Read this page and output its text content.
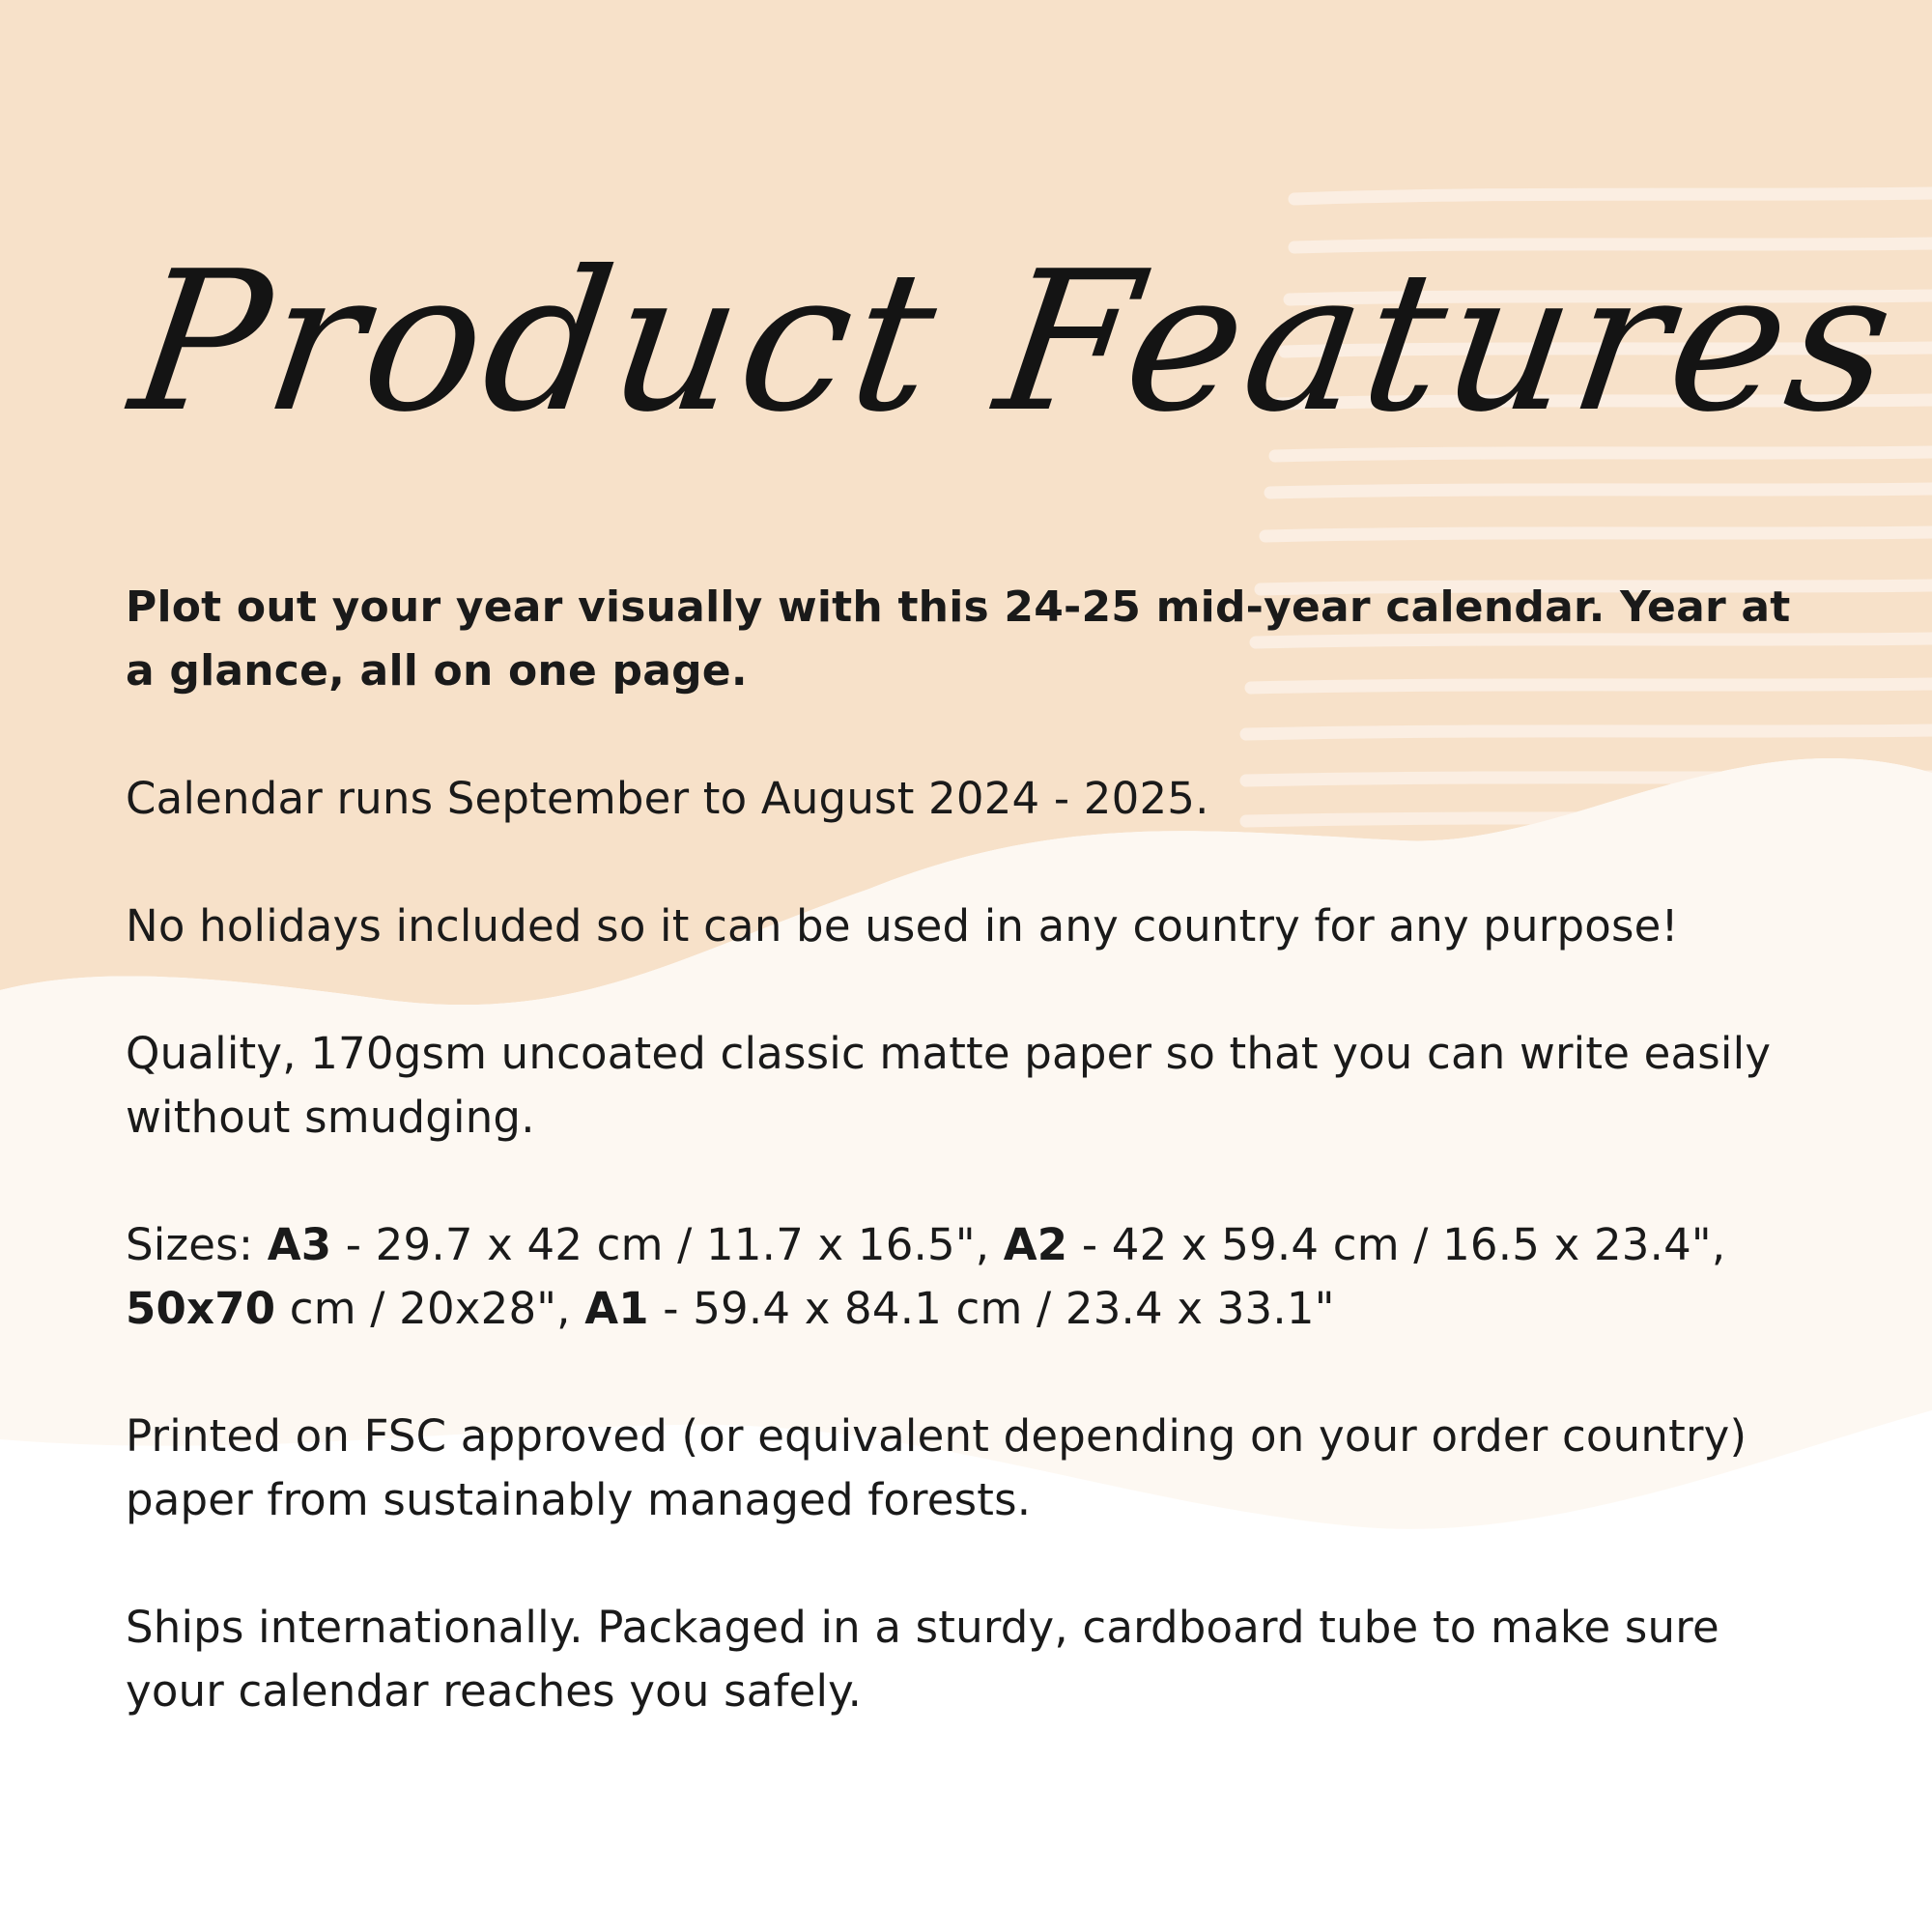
Product Features

Plot out your year visually with this 24-25 mid-year calendar. Year at a glance, all on one page.

Calendar runs September to August 2024 - 2025.

No holidays included so it can be used in any country for any purpose!

Quality, 170gsm uncoated classic matte paper so that you can write easily without smudging.

Sizes: A3 - 29.7 x 42 cm / 11.7 x 16.5", A2 - 42 x 59.4 cm / 16.5 x 23.4",
50x70 cm / 20x28", A1 - 59.4 x 84.1 cm / 23.4 x 33.1"

Printed on FSC approved (or equivalent depending on your order country) paper from sustainably managed forests.

Ships internationally. Packaged in a sturdy, cardboard tube to make sure your calendar reaches you safely.
